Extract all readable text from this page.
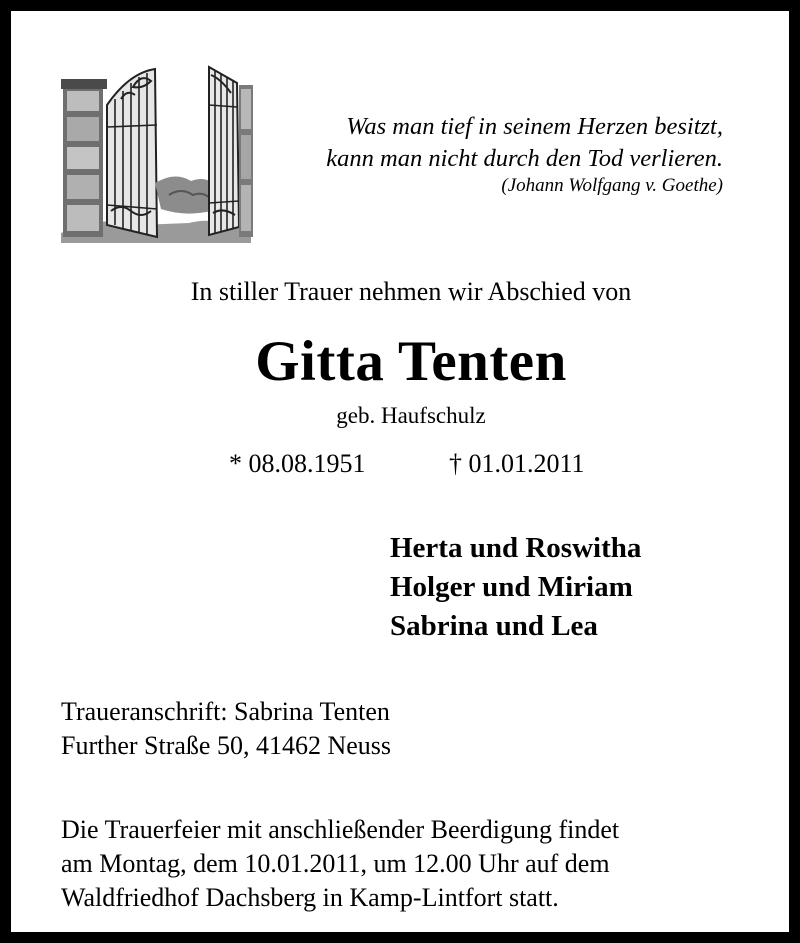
Was man tief in seinem Herzen besitzt,
kann man nicht durch den Tod verlieren.
(Johann Wolfgang v. Goethe)
In stiller Trauer nehmen wir Abschied von
Gitta Tenten
geb. Haufschulz
* 08.08.1951	† 01.01.2011
Herta und Roswitha
Holger und Miriam
Sabrina und Lea
Traueranschrift: Sabrina Tenten
Further Straße 50, 41462 Neuss
Die Trauerfeier mit anschließender Beerdigung findet
am Montag, dem 10.01.2011, um 12.00 Uhr auf dem
Waldfriedhof Dachsberg in Kamp-Lintfort statt.
